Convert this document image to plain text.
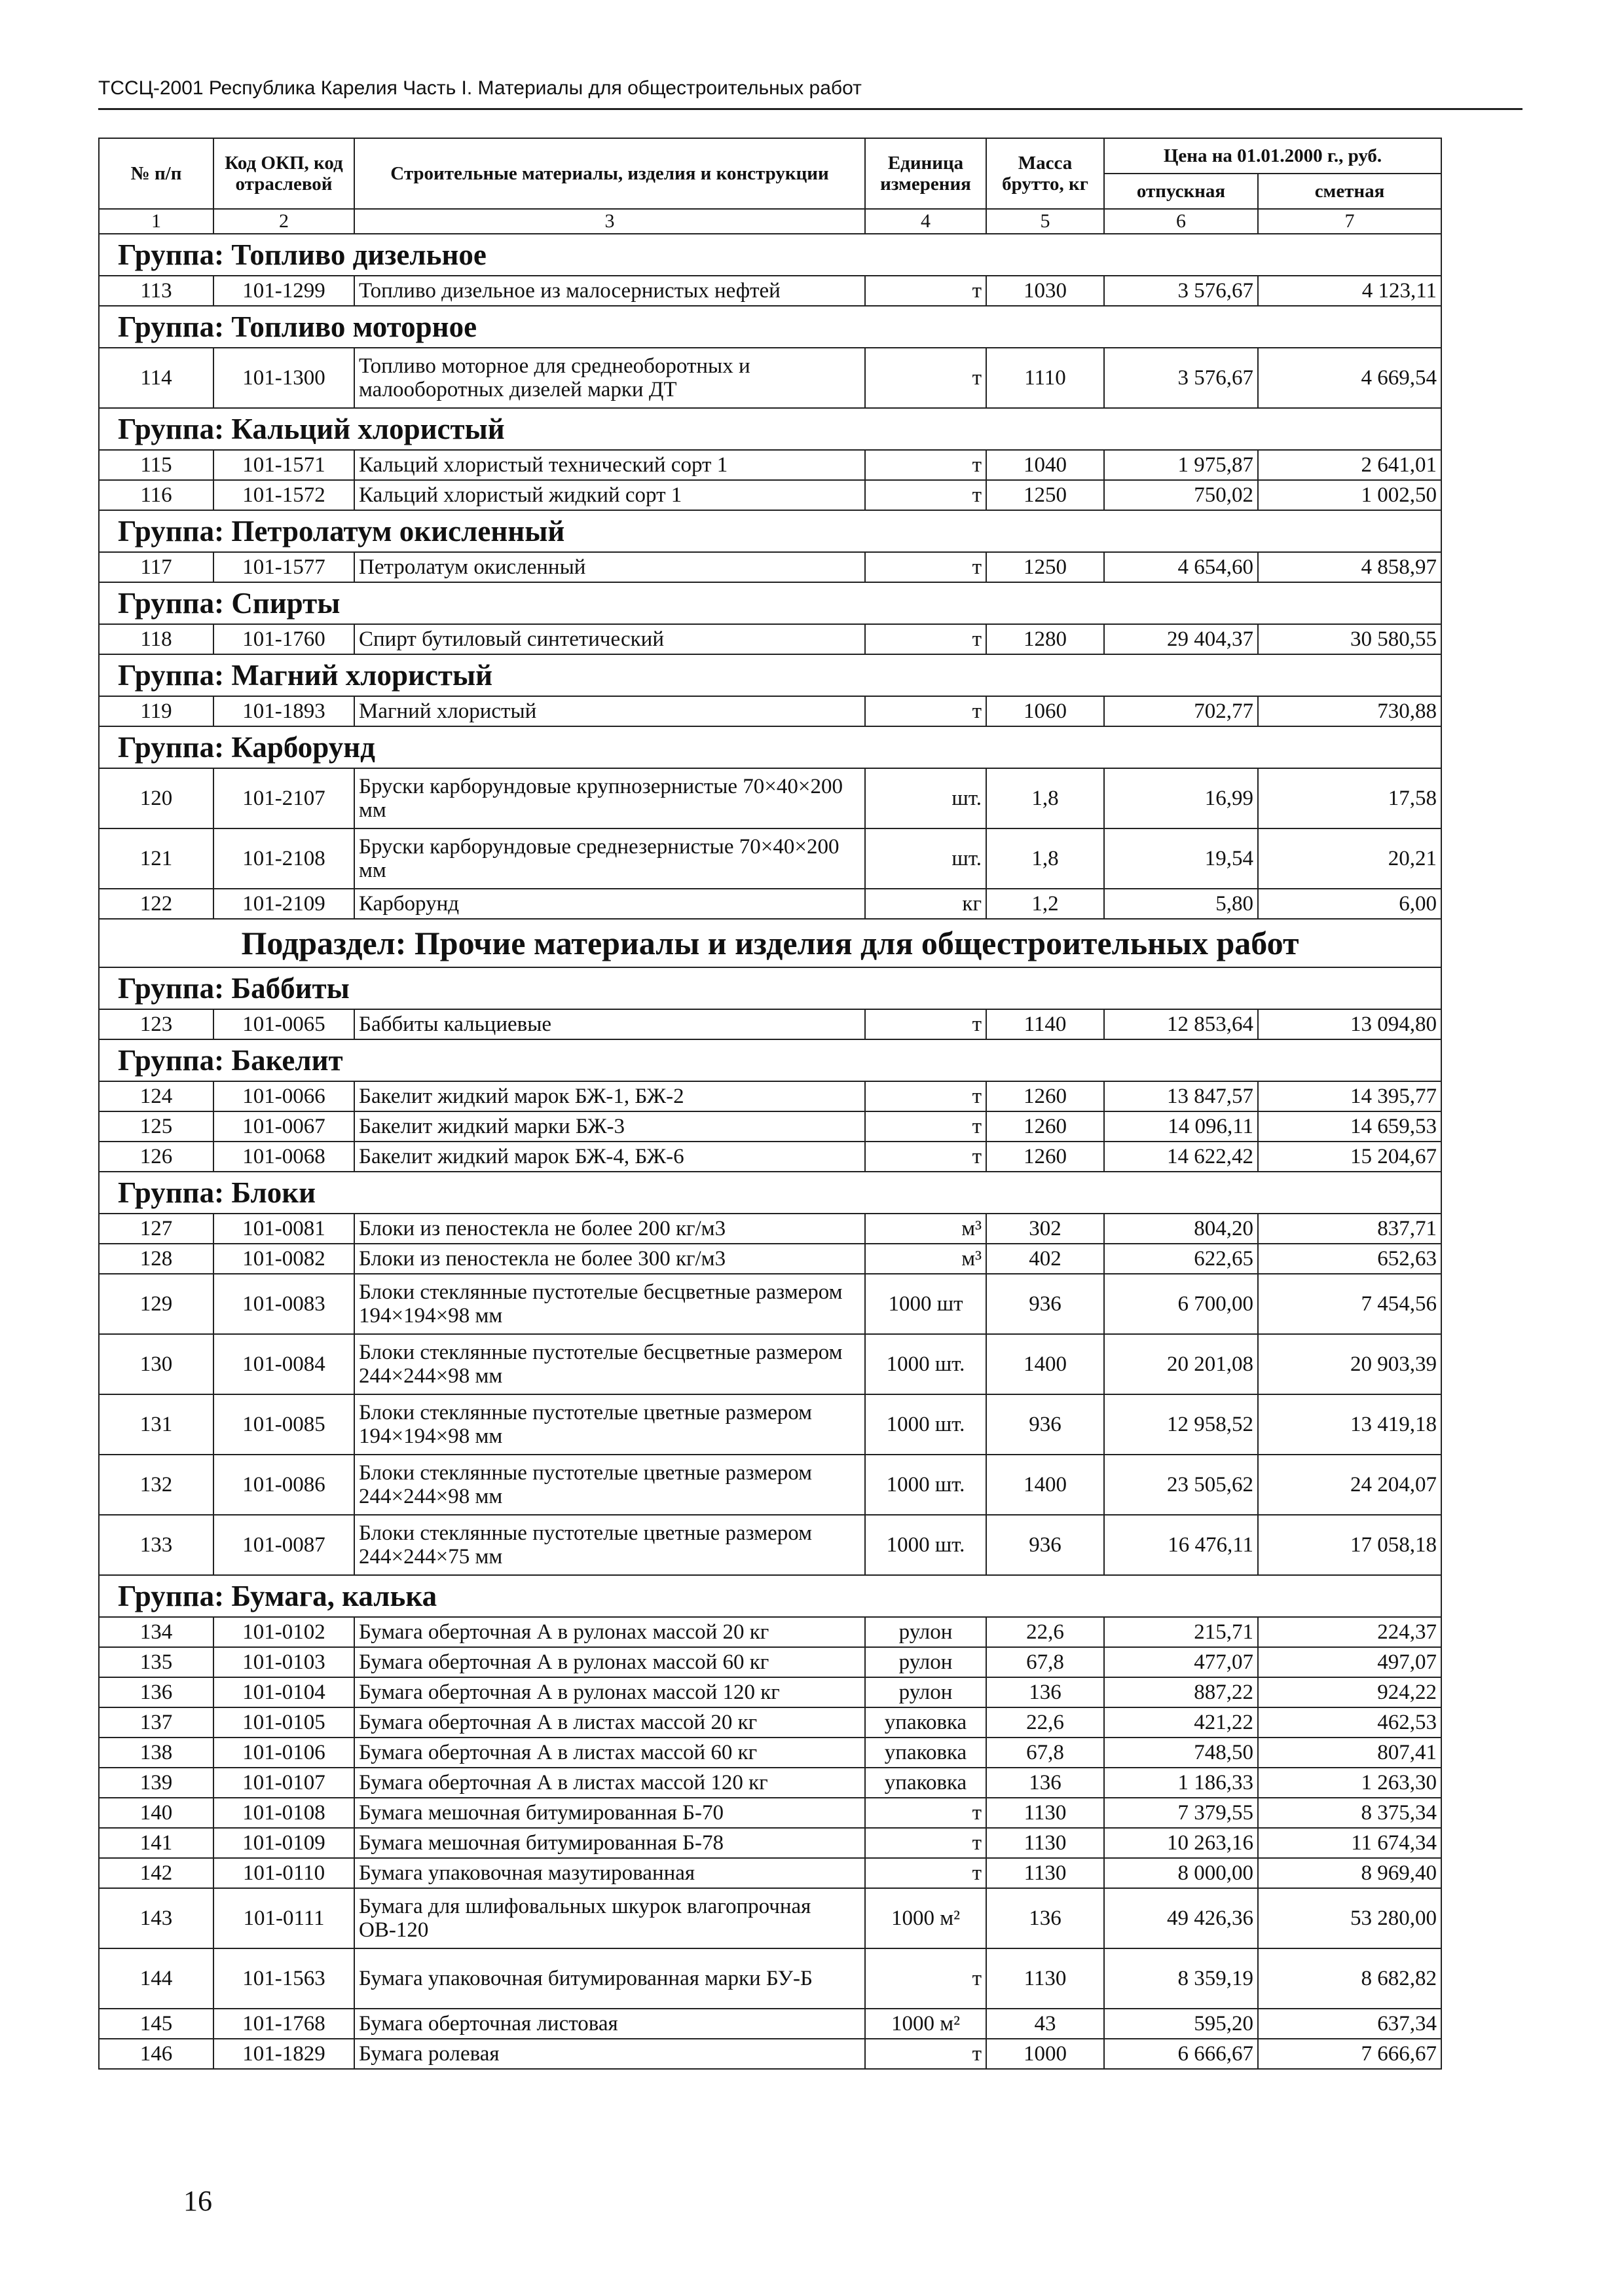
ТССЦ-2001 Республика Карелия Часть I. Материалы для общестроительных работ
№ п/п	Код ОКП, код отраслевой	Строительные материалы, изделия и конструкции	Единица измерения	Масса брутто, кг	Цена на 01.01.2000 г., руб.	
					отпускная	сметная
1	2	3	4	5	6	7
Группа: Топливо дизельное						
113	101-1299	Топливо дизельное из малосернистых нефтей	т	1030	3 576,67	4 123,11
Группа: Топливо моторное						
114	101-1300	Топливо моторное для среднеоборотных и малооборотных дизелей марки ДТ	т	1110	3 576,67	4 669,54
Группа: Кальций хлористый						
115	101-1571	Кальций хлористый технический сорт 1	т	1040	1 975,87	2 641,01
116	101-1572	Кальций хлористый жидкий сорт 1	т	1250	750,02	1 002,50
Группа: Петролатум окисленный						
117	101-1577	Петролатум окисленный	т	1250	4 654,60	4 858,97
Группа: Спирты						
118	101-1760	Спирт бутиловый синтетический	т	1280	29 404,37	30 580,55
Группа: Магний хлористый						
119	101-1893	Магний хлористый	т	1060	702,77	730,88
Группа: Карборунд						
120	101-2107	Бруски карборундовые крупнозернистые 70×40×200 мм	шт.	1,8	16,99	17,58
121	101-2108	Бруски карборундовые среднезернистые 70×40×200 мм	шт.	1,8	19,54	20,21
122	101-2109	Карборунд	кг	1,2	5,80	6,00
Подраздел: Прочие материалы и изделия для общестроительных работ						
Группа: Баббиты						
123	101-0065	Баббиты кальциевые	т	1140	12 853,64	13 094,80
Группа: Бакелит						
124	101-0066	Бакелит жидкий марок БЖ-1, БЖ-2	т	1260	13 847,57	14 395,77
125	101-0067	Бакелит жидкий марки БЖ-3	т	1260	14 096,11	14 659,53
126	101-0068	Бакелит жидкий марок БЖ-4, БЖ-6	т	1260	14 622,42	15 204,67
Группа: Блоки						
127	101-0081	Блоки из пеностекла не более 200 кг/м3	м³	302	804,20	837,71
128	101-0082	Блоки из пеностекла не более 300 кг/м3	м³	402	622,65	652,63
129	101-0083	Блоки стеклянные пустотелые бесцветные размером 194×194×98 мм	1000 шт	936	6 700,00	7 454,56
130	101-0084	Блоки стеклянные пустотелые бесцветные размером 244×244×98 мм	1000 шт.	1400	20 201,08	20 903,39
131	101-0085	Блоки стеклянные пустотелые цветные размером 194×194×98 мм	1000 шт.	936	12 958,52	13 419,18
132	101-0086	Блоки стеклянные пустотелые цветные размером 244×244×98 мм	1000 шт.	1400	23 505,62	24 204,07
133	101-0087	Блоки стеклянные пустотелые цветные размером 244×244×75 мм	1000 шт.	936	16 476,11	17 058,18
Группа: Бумага, калька						
134	101-0102	Бумага оберточная А в рулонах массой 20 кг	рулон	22,6	215,71	224,37
135	101-0103	Бумага оберточная А в рулонах массой 60 кг	рулон	67,8	477,07	497,07
136	101-0104	Бумага оберточная А в рулонах массой 120 кг	рулон	136	887,22	924,22
137	101-0105	Бумага оберточная А в листах массой 20 кг	упаковка	22,6	421,22	462,53
138	101-0106	Бумага оберточная А в листах массой 60 кг	упаковка	67,8	748,50	807,41
139	101-0107	Бумага оберточная А в листах массой 120 кг	упаковка	136	1 186,33	1 263,30
140	101-0108	Бумага мешочная битумированная Б-70	т	1130	7 379,55	8 375,34
141	101-0109	Бумага мешочная битумированная Б-78	т	1130	10 263,16	11 674,34
142	101-0110	Бумага упаковочная мазутированная	т	1130	8 000,00	8 969,40
143	101-0111	Бумага для шлифовальных шкурок влагопрочная ОВ-120	1000 м²	136	49 426,36	53 280,00
144	101-1563	Бумага упаковочная битумированная марки БУ-Б	т	1130	8 359,19	8 682,82
145	101-1768	Бумага оберточная листовая	1000 м²	43	595,20	637,34
146	101-1829	Бумага ролевая	т	1000	6 666,67	7 666,67
16
